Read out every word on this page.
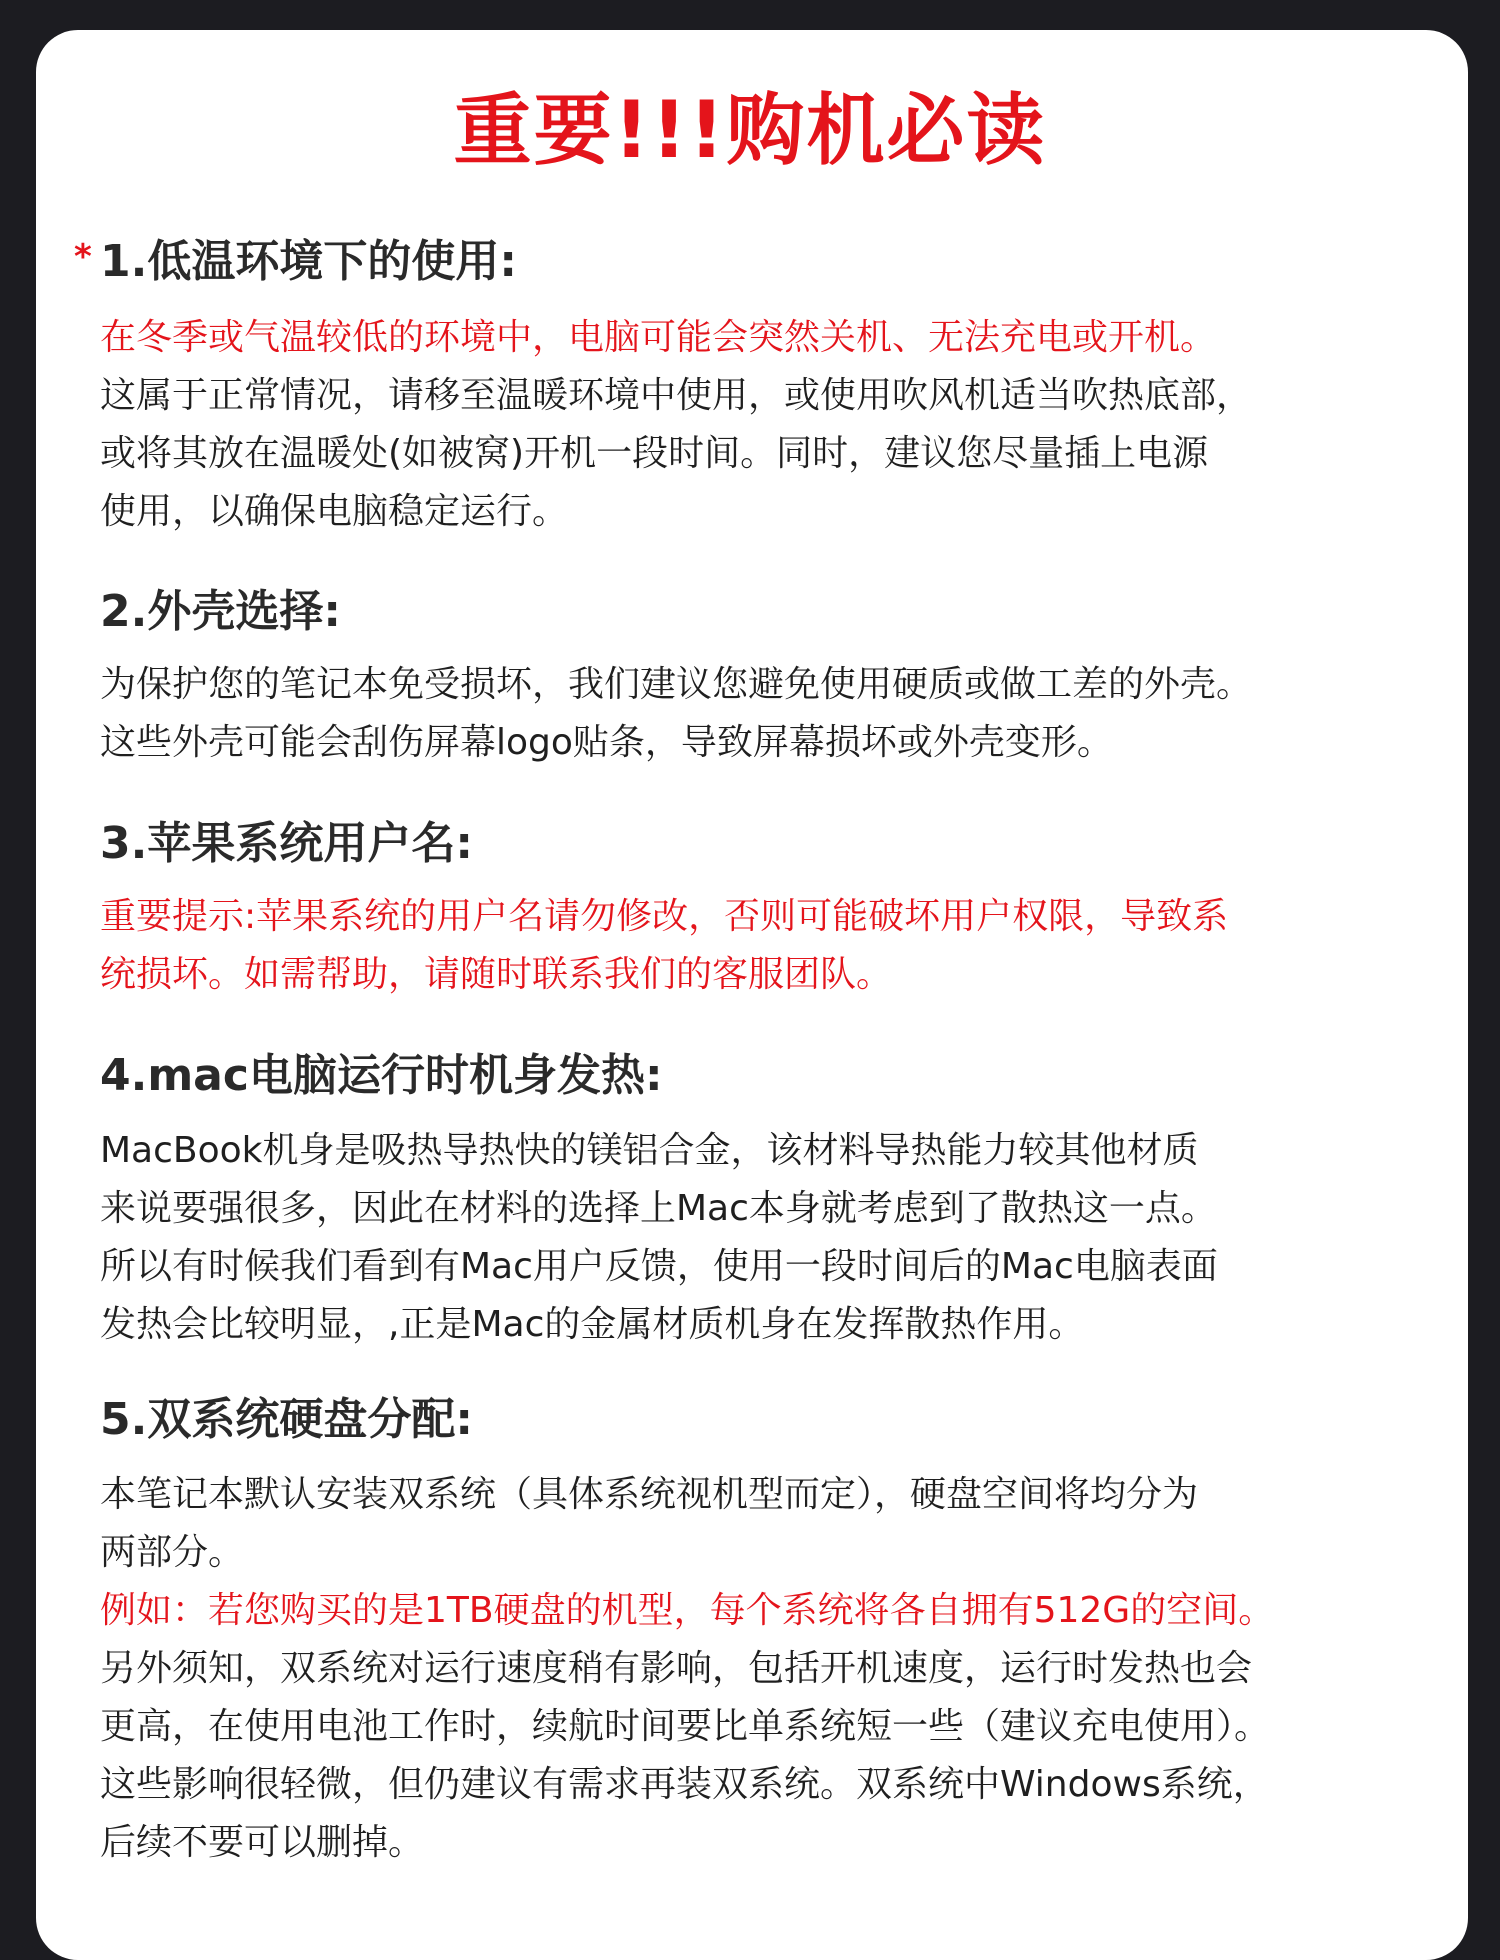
重要!!!购机必读
* 1.低温环境下的使用:
在冬季或气温较低的环境中，电脑可能会突然关机、无法充电或开机。
这属于正常情况，请移至温暖环境中使用，或使用吹风机适当吹热底部，
或将其放在温暖处(如被窝)开机一段时间。同时，建议您尽量插上电源
使用，以确保电脑稳定运行。
2.外壳选择:
为保护您的笔记本免受损坏，我们建议您避免使用硬质或做工差的外壳。
这些外壳可能会刮伤屏幕logo贴条，导致屏幕损坏或外壳变形。
3.苹果系统用户名:
重要提示:苹果系统的用户名请勿修改，否则可能破坏用户权限，导致系
统损坏。如需帮助，请随时联系我们的客服团队。
4.mac电脑运行时机身发热:
MacBook机身是吸热导热快的镁铝合金，该材料导热能力较其他材质
来说要强很多，因此在材料的选择上Mac本身就考虑到了散热这一点。
所以有时候我们看到有Mac用户反馈，使用一段时间后的Mac电脑表面
发热会比较明显，,正是Mac的金属材质机身在发挥散热作用。
5.双系统硬盘分配:
本笔记本默认安装双系统（具体系统视机型而定），硬盘空间将均分为
两部分。
例如：若您购买的是1TB硬盘的机型，每个系统将各自拥有512G的空间。
另外须知，双系统对运行速度稍有影响，包括开机速度，运行时发热也会
更高，在使用电池工作时，续航时间要比单系统短一些（建议充电使用）。
这些影响很轻微，但仍建议有需求再装双系统。双系统中Windows系统，
后续不要可以删掉。
